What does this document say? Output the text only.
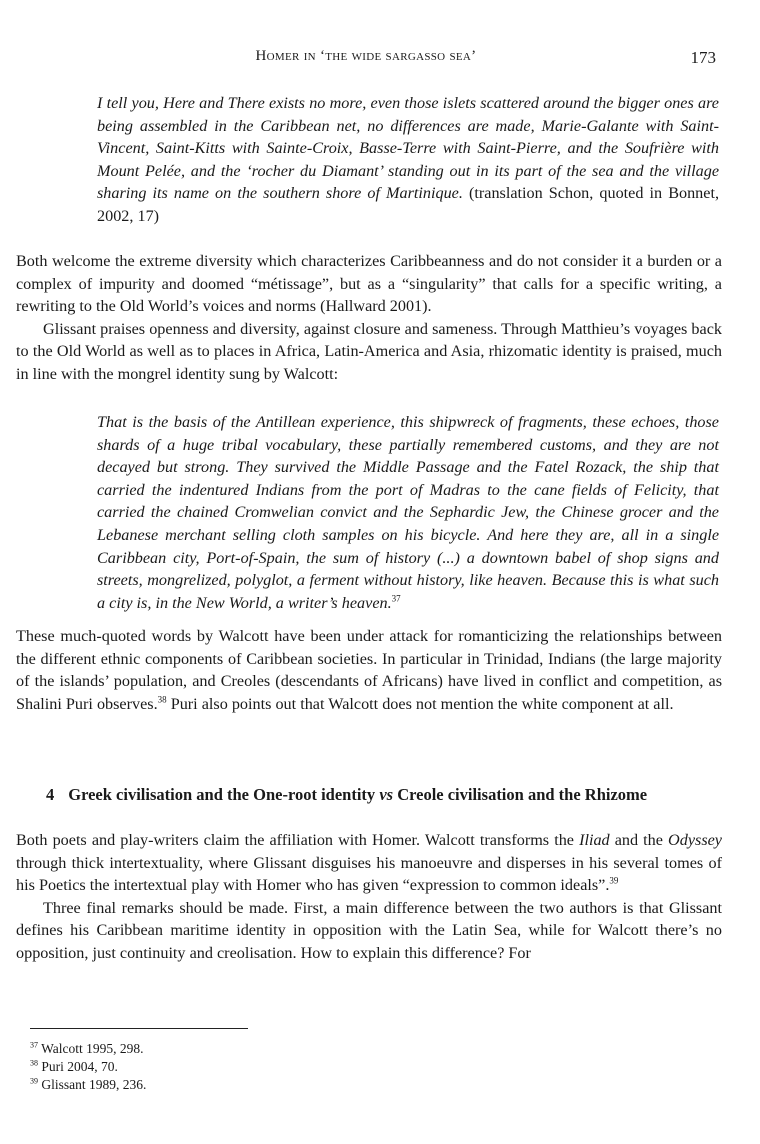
Homer in ‘the wide sargasso sea’	173

I tell you, Here and There exists no more, even those islets scattered around the bigger ones are being assembled in the Caribbean net, no differences are made, Marie-Galante with Saint-Vincent, Saint-Kitts with Sainte-Croix, Basse-Terre with Saint-Pierre, and the Soufrière with Mount Pelée, and the ‘rocher du Diamant’ standing out in its part of the sea and the village sharing its name on the southern shore of Martinique. (translation Schon, quoted in Bonnet, 2002, 17)

Both welcome the extreme diversity which characterizes Caribbeanness and do not consider it a burden or a complex of impurity and doomed “métissage”, but as a “singularity” that calls for a specific writing, a rewriting to the Old World’s voices and norms (Hallward 2001).

Glissant praises openness and diversity, against closure and sameness. Through Matthieu’s voyages back to the Old World as well as to places in Africa, Latin-America and Asia, rhizomatic identity is praised, much in line with the mongrel identity sung by Walcott:

That is the basis of the Antillean experience, this shipwreck of fragments, these echoes, those shards of a huge tribal vocabulary, these partially remembered customs, and they are not decayed but strong. They survived the Middle Passage and the Fatel Rozack, the ship that carried the indentured Indians from the port of Madras to the cane fields of Felicity, that carried the chained Cromwelian convict and the Sephardic Jew, the Chinese grocer and the Lebanese merchant selling cloth samples on his bicycle. And here they are, all in a single Caribbean city, Port-of-Spain, the sum of history (...) a downtown babel of shop signs and streets, mongrelized, polyglot, a ferment without history, like heaven. Because this is what such a city is, in the New World, a writer’s heaven.$^{37}$

These much-quoted words by Walcott have been under attack for romanticizing the relationships between the different ethnic components of Caribbean societies. In particular in Trinidad, Indians (the large majority of the islands’ population, and Creoles (descendants of Africans) have lived in conflict and competition, as Shalini Puri observes.$^{38}$ Puri also points out that Walcott does not mention the white component at all.

4 Greek civilisation and the One-root identity vs Creole civilisation and the Rhizome

Both poets and play-writers claim the affiliation with Homer. Walcott transforms the Iliad and the Odyssey through thick intertextuality, where Glissant disguises his manoeuvre and disperses in his several tomes of his Poetics the intertextual play with Homer who has given “expression to common ideals”.$^{39}$

Three final remarks should be made. First, a main difference between the two authors is that Glissant defines his Caribbean maritime identity in opposition with the Latin Sea, while for Walcott there’s no opposition, just continuity and creolisation. How to explain this difference? For

$^{37}$ Walcott 1995, 298.
$^{38}$ Puri 2004, 70.
$^{39}$ Glissant 1989, 236.
